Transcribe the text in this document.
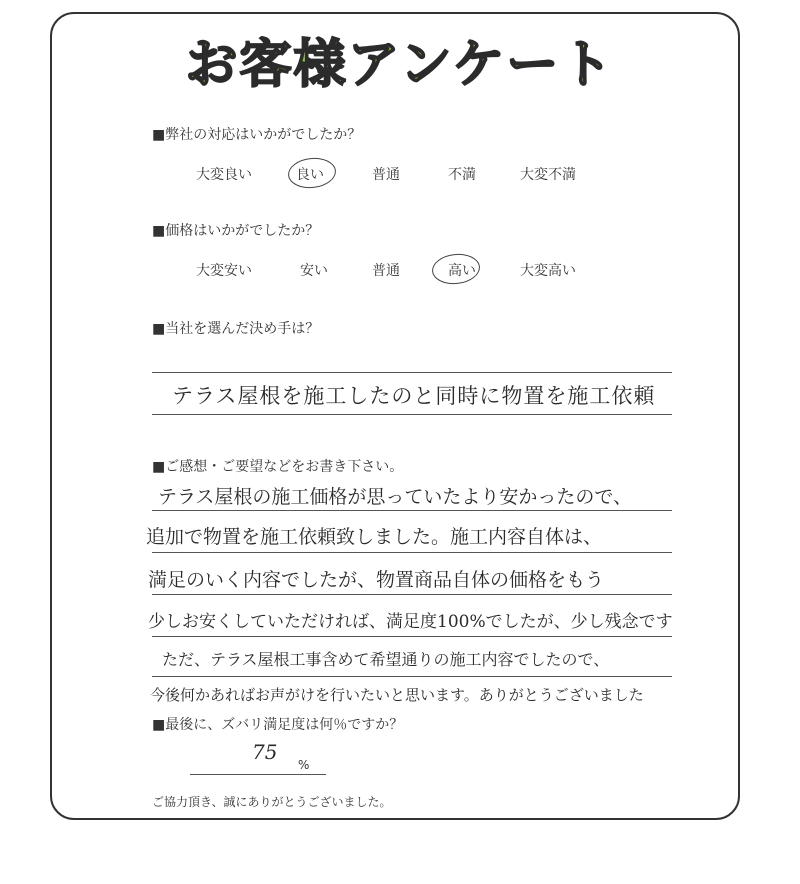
お客様アンケート
■弊社の対応はいかがでしたか？
大変良い	良い	普通	不満	大変不満
■価格はいかがでしたか？
大変安い	安い	普通	高い	大変高い
■当社を選んだ決め手は？
テラス屋根を施工したのと同時に物置を施工依頼
■ご感想・ご要望などをお書き下さい。
テラス屋根の施工価格が思っていたより安かったので、
追加で物置を施工依頼致しました。施工内容自体は、
満足のいく内容でしたが、物置商品自体の価格をもう
少しお安くしていただければ、満足度100%でしたが、少し残念です
ただ、テラス屋根工事含めて希望通りの施工内容でしたので、
今後何かあればお声がけを行いたいと思います。ありがとうございました
■最後に、ズバリ満足度は何％ですか？
75
%
ご協力頂き、誠にありがとうございました。
